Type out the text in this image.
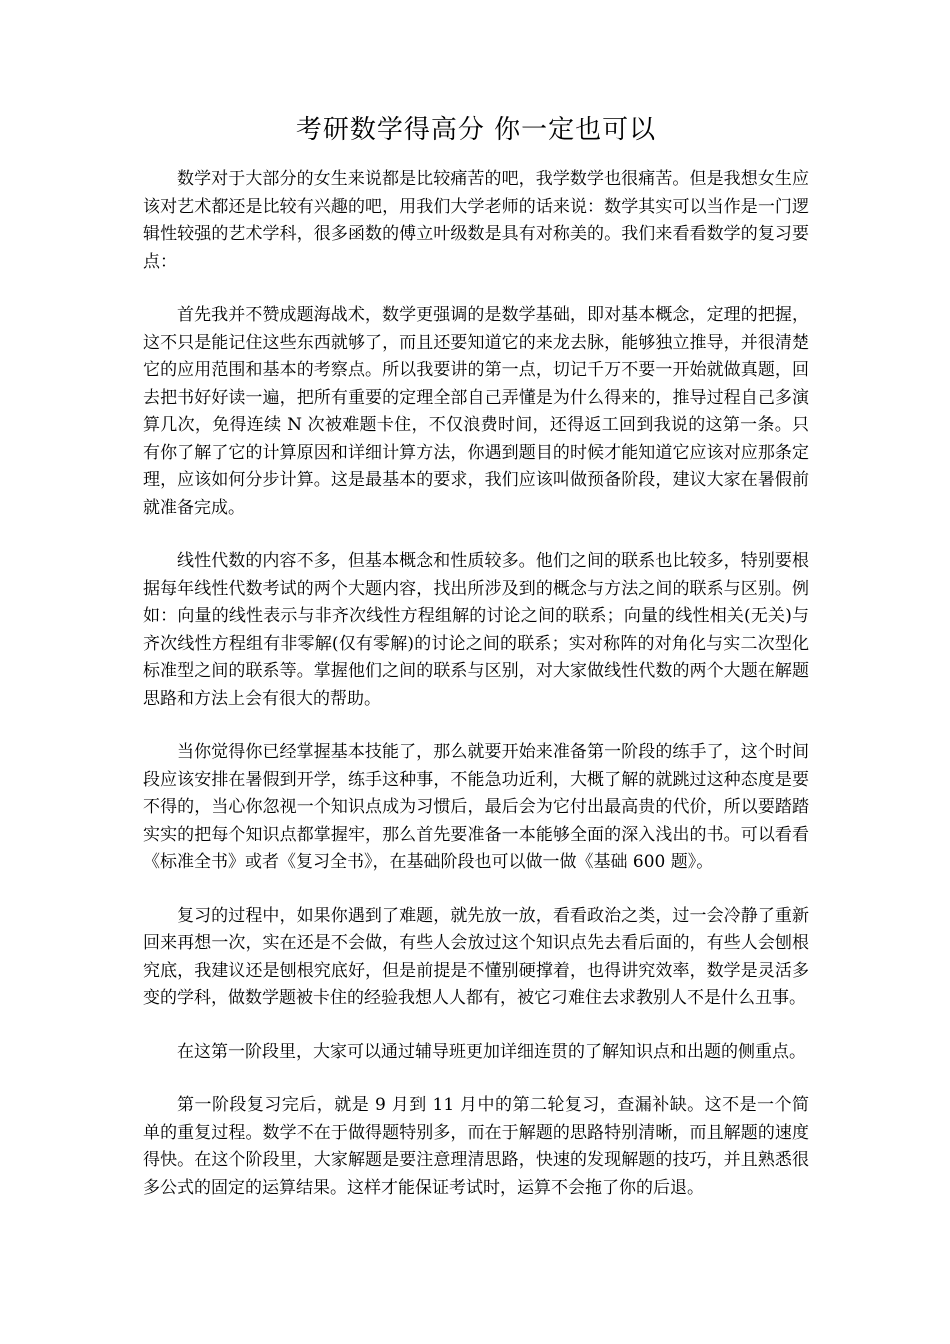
考研数学得高分 你一定也可以

数学对于大部分的女生来说都是比较痛苦的吧，我学数学也很痛苦。但是我想女生应该对艺术都还是比较有兴趣的吧，用我们大学老师的话来说：数学其实可以当作是一门逻辑性较强的艺术学科，很多函数的傅立叶级数是具有对称美的。我们来看看数学的复习要点：

首先我并不赞成题海战术，数学更强调的是数学基础，即对基本概念，定理的把握，这不只是能记住这些东西就够了，而且还要知道它的来龙去脉，能够独立推导，并很清楚它的应用范围和基本的考察点。所以我要讲的第一点，切记千万不要一开始就做真题，回去把书好好读一遍，把所有重要的定理全部自己弄懂是为什么得来的，推导过程自己多演算几次，免得连续 N 次被难题卡住，不仅浪费时间，还得返工回到我说的这第一条。只有你了解了它的计算原因和详细计算方法，你遇到题目的时候才能知道它应该对应那条定理，应该如何分步计算。这是最基本的要求，我们应该叫做预备阶段，建议大家在暑假前就准备完成。

线性代数的内容不多，但基本概念和性质较多。他们之间的联系也比较多，特别要根据每年线性代数考试的两个大题内容，找出所涉及到的概念与方法之间的联系与区别。例如：向量的线性表示与非齐次线性方程组解的讨论之间的联系；向量的线性相关(无关)与齐次线性方程组有非零解(仅有零解)的讨论之间的联系；实对称阵的对角化与实二次型化标准型之间的联系等。掌握他们之间的联系与区别，对大家做线性代数的两个大题在解题思路和方法上会有很大的帮助。

当你觉得你已经掌握基本技能了，那么就要开始来准备第一阶段的练手了，这个时间段应该安排在暑假到开学，练手这种事，不能急功近利，大概了解的就跳过这种态度是要不得的，当心你忽视一个知识点成为习惯后，最后会为它付出最高贵的代价，所以要踏踏实实的把每个知识点都掌握牢，那么首先要准备一本能够全面的深入浅出的书。可以看看《标准全书》或者《复习全书》，在基础阶段也可以做一做《基础 600 题》。

复习的过程中，如果你遇到了难题，就先放一放，看看政治之类，过一会冷静了重新回来再想一次，实在还是不会做，有些人会放过这个知识点先去看后面的，有些人会刨根究底，我建议还是刨根究底好，但是前提是不懂别硬撑着，也得讲究效率，数学是灵活多变的学科，做数学题被卡住的经验我想人人都有，被它刁难住去求教别人不是什么丑事。

在这第一阶段里，大家可以通过辅导班更加详细连贯的了解知识点和出题的侧重点。

第一阶段复习完后，就是 9 月到 11 月中的第二轮复习，查漏补缺。这不是一个简单的重复过程。数学不在于做得题特别多，而在于解题的思路特别清晰，而且解题的速度得快。在这个阶段里，大家解题是要注意理清思路，快速的发现解题的技巧，并且熟悉很多公式的固定的运算结果。这样才能保证考试时，运算不会拖了你的后退。
